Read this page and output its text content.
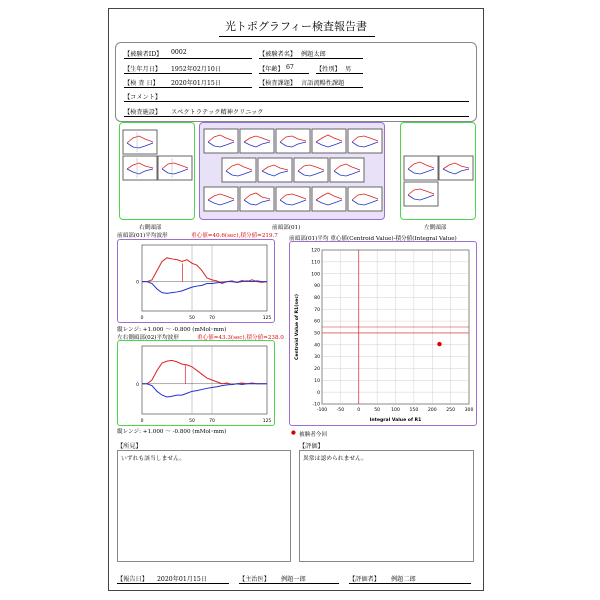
光トポグラフィー検査報告書
【被験者ID】 0002	【被験者名】 例題太郎
【生年月日】 1952年02月10日	【年齢】 67	【性別】 男
【検 査 日】 2020年01月15日	【検査課題】 言語流暢性課題
【コメント】
【検査施設】 スペクトラテック精神クリニック
右側頭部	前頭部(01)	左側頭部
前頭部(01)平均波形	重心値=40.6(sec),積分値=219.7
0
0	50	70	125
縦レンジ: +1.000 ～ -0.800 (mMol･mm)
左右側頭部(02)平均波形	重心値=43.3(sec),積分値=238.0
0
0	50	70	125
縦レンジ: +1.000 ～ -0.800 (mMol･mm)
前頭部(01)平均 重心値(Centroid Value)-積分値(Integral Value)
-100 -50	0	50 100 150 200 250 300
-10
0
10
20
30
40
50
60
70
80
90
100
110
120
Integral Value of R1
Centroid Value of R1(sec)
● 被験者今回
【所見】
いずれも該当しません。
【評価】
異常は認められません。
【報告日】 2020年01月15日	【主治医】 例題一郎	【評価者】 例題二郎
